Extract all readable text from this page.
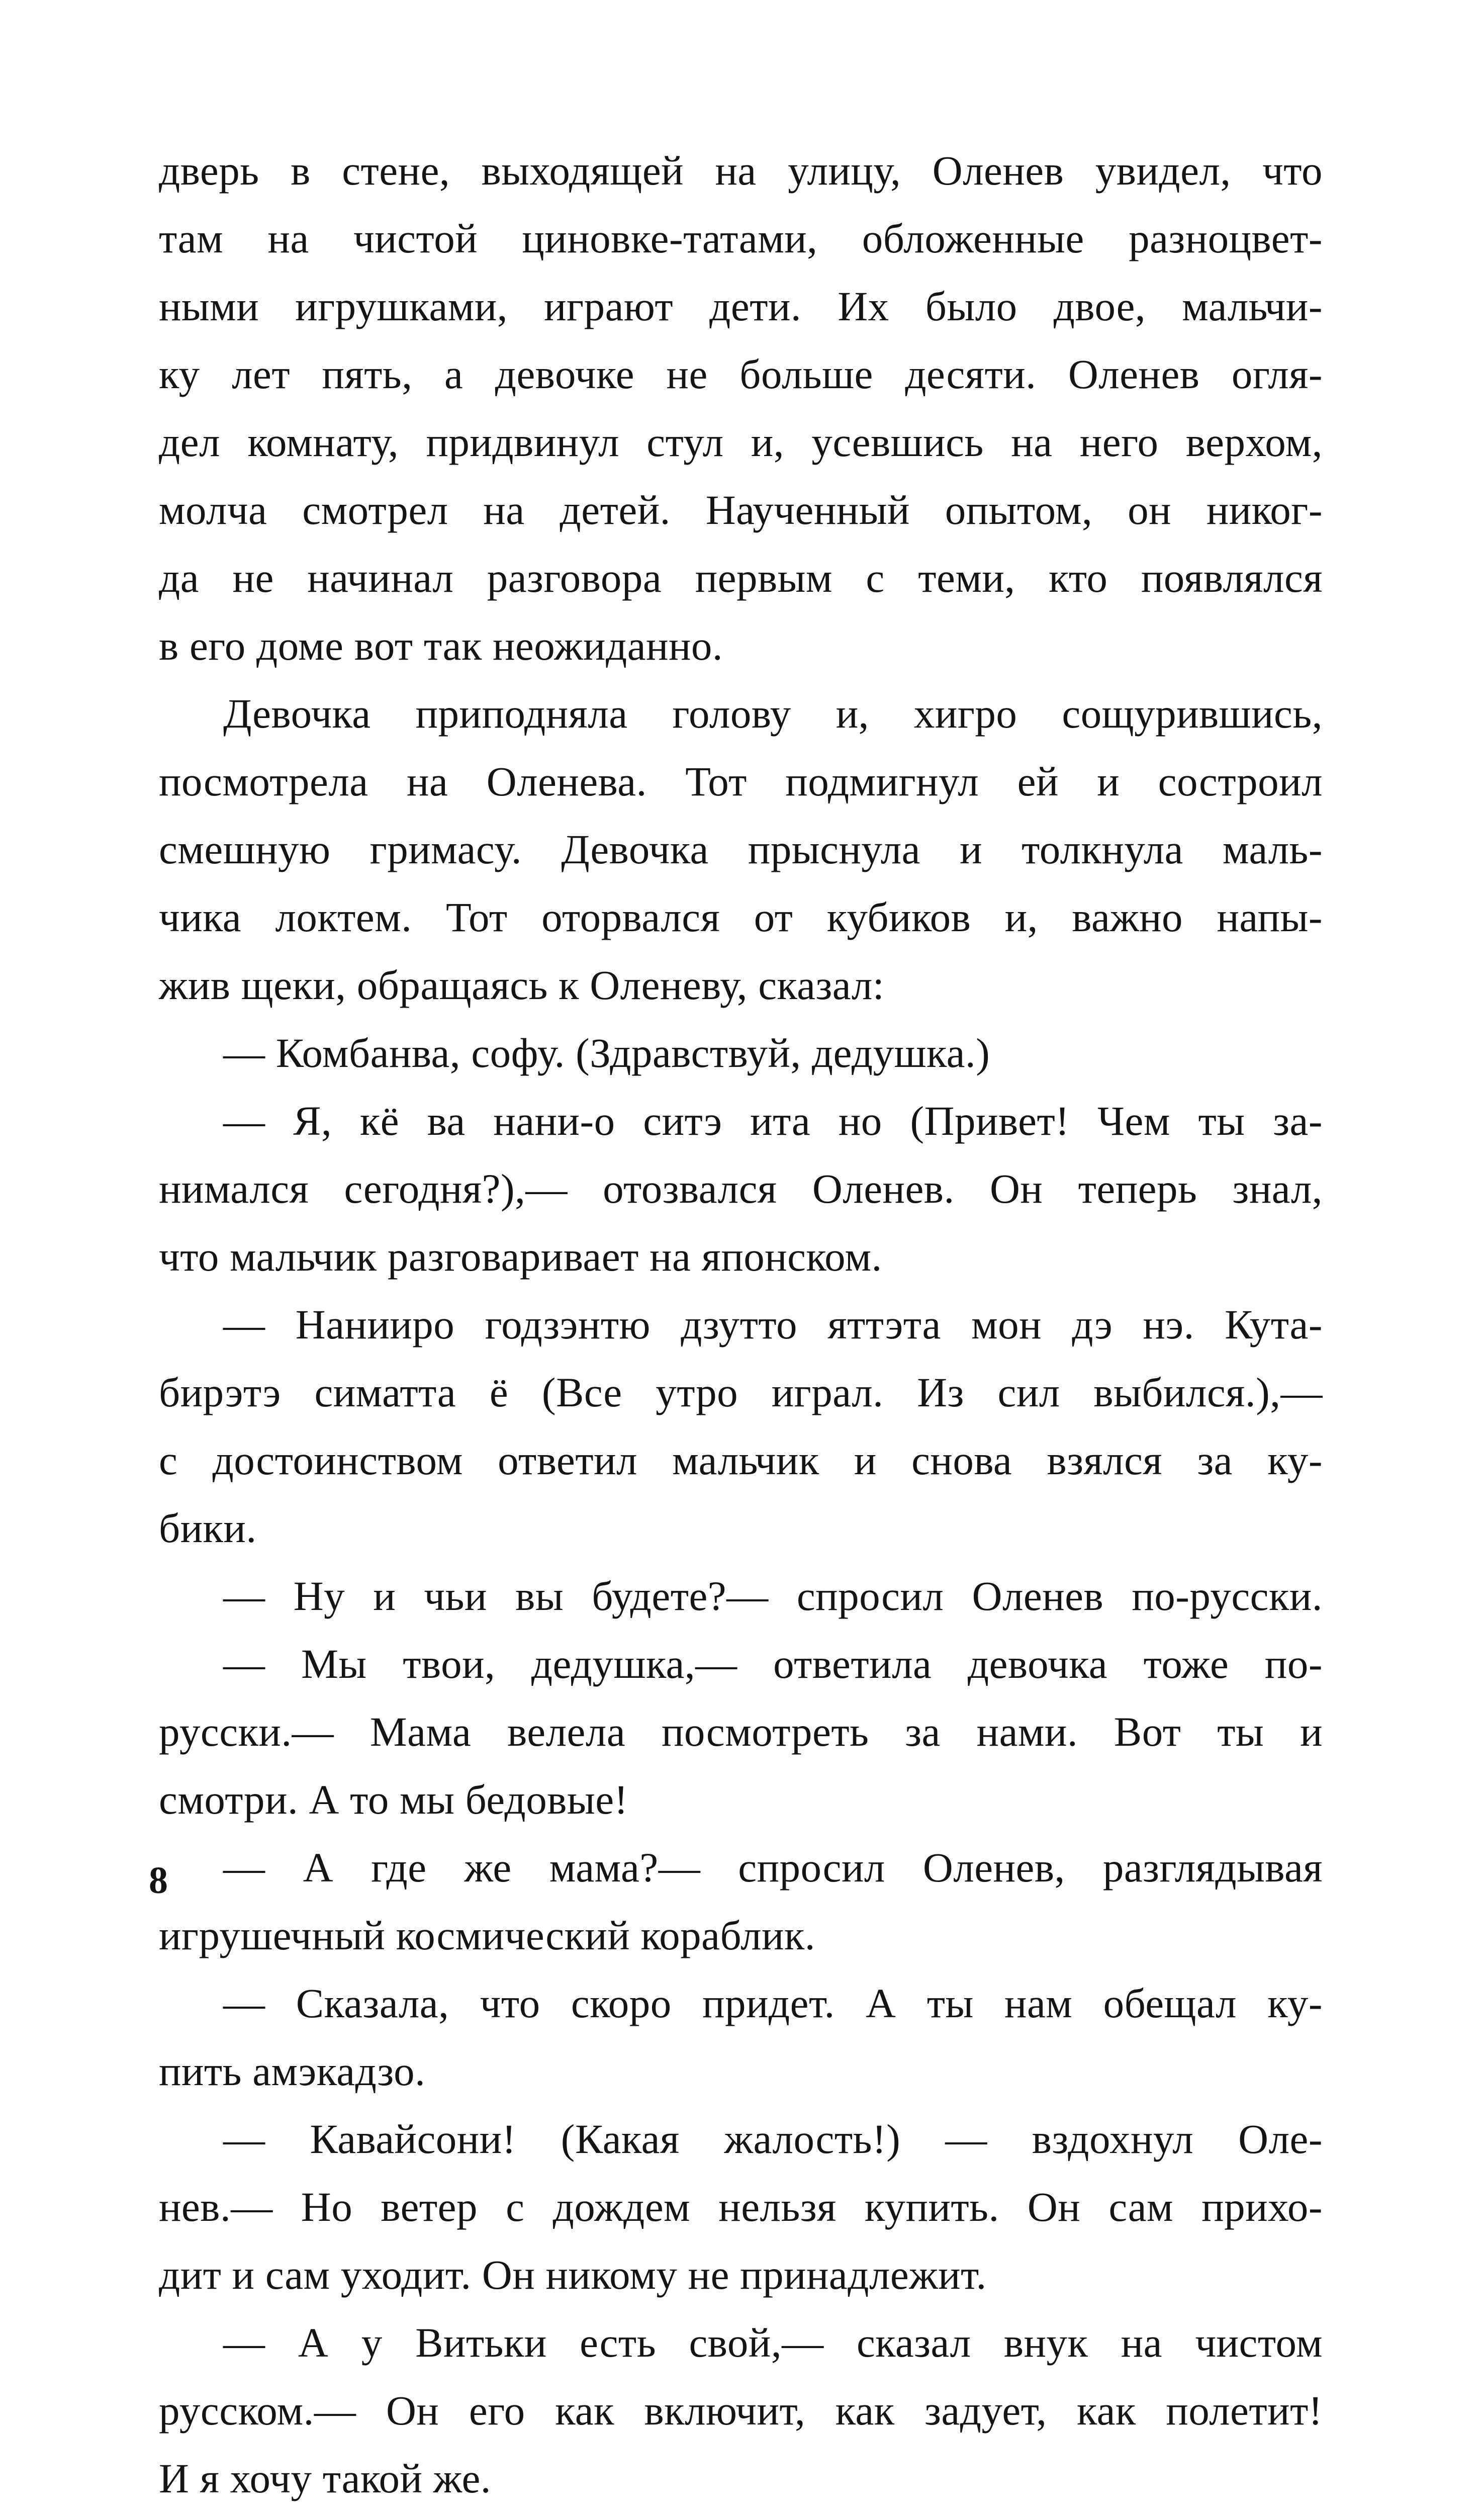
дверь в стене, выходящей на улицу, Оленев увидел, что
там на чистой циновке-татами, обложенные разноцвет-
ными игрушками, играют дети. Их было двое, мальчи-
ку лет пять, а девочке не больше десяти. Оленев огля-
дел комнату, придвинул стул и, усевшись на него верхом,
молча смотрел на детей. Наученный опытом, он никог-
да не начинал разговора первым с теми, кто появлялся
в его доме вот так неожиданно.
Девочка приподняла голову и, хигро сощурившись,
посмотрела на Оленева. Тот подмигнул ей и состроил
смешную гримасу. Девочка прыснула и толкнула маль-
чика локтем. Тот оторвался от кубиков и, важно напы-
жив щеки, обращаясь к Оленеву, сказал:
— Комбанва, софу. (Здравствуй, дедушка.)
— Я, кё ва нани-о ситэ ита но (Привет! Чем ты за-
нимался сегодня?),— отозвался Оленев. Он теперь знал,
что мальчик разговаривает на японском.
— Нанииро годзэнтю дзутто яттэта мон дэ нэ. Кута-
бирэтэ симатта ё (Все утро играл. Из сил выбился.),—
с достоинством ответил мальчик и снова взялся за ку-
бики.
— Ну и чьи вы будете?— спросил Оленев по-русски.
— Мы твои, дедушка,— ответила девочка тоже по-
русски.— Мама велела посмотреть за нами. Вот ты и
смотри. А то мы бедовые!
— А где же мама?— спросил Оленев, разглядывая
игрушечный космический кораблик.
— Сказала, что скоро придет. А ты нам обещал ку-
пить амэкадзо.
— Кавайсони! (Какая жалость!) — вздохнул Оле-
нев.— Но ветер с дождем нельзя купить. Он сам прихо-
дит и сам уходит. Он никому не принадлежит.
— А у Витьки есть свой,— сказал внук на чистом
русском.— Он его как включит, как задует, как полетит!
И я хочу такой же.
8
